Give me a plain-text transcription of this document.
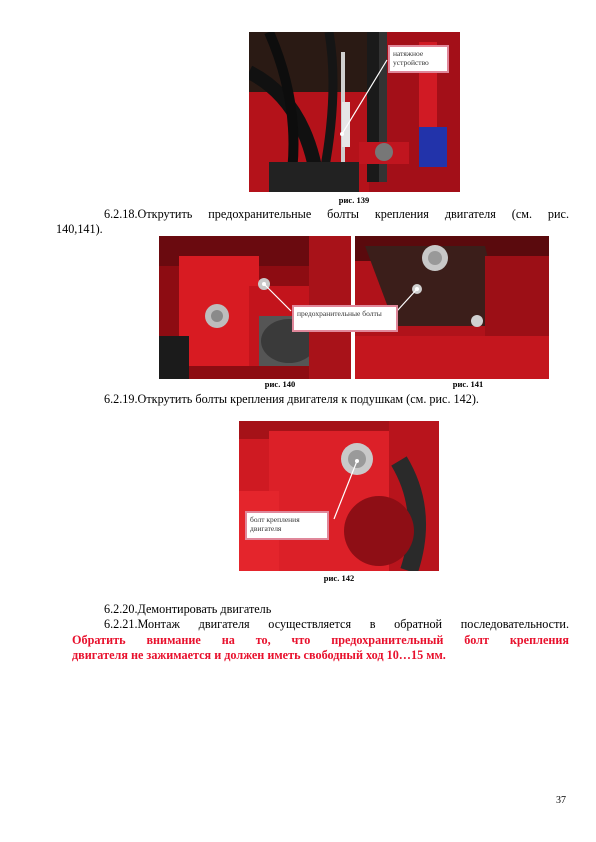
натяжное устройство
рис. 139
6.2.18.Открутить предохранительные болты крепления двигателя (см. рис.
140,141).
предохранительные болты
рис. 140	рис. 141
6.2.19.Открутить болты крепления двигателя к подушкам (см. рис. 142).
болт крепления двигателя
рис. 142
6.2.20.Демонтировать двигатель
6.2.21.Монтаж двигателя осуществляется в обратной последовательности.
Обратить внимание на то, что предохранительный болт крепления
двигателя не зажимается и должен иметь свободный ход 10…15 мм.
37
